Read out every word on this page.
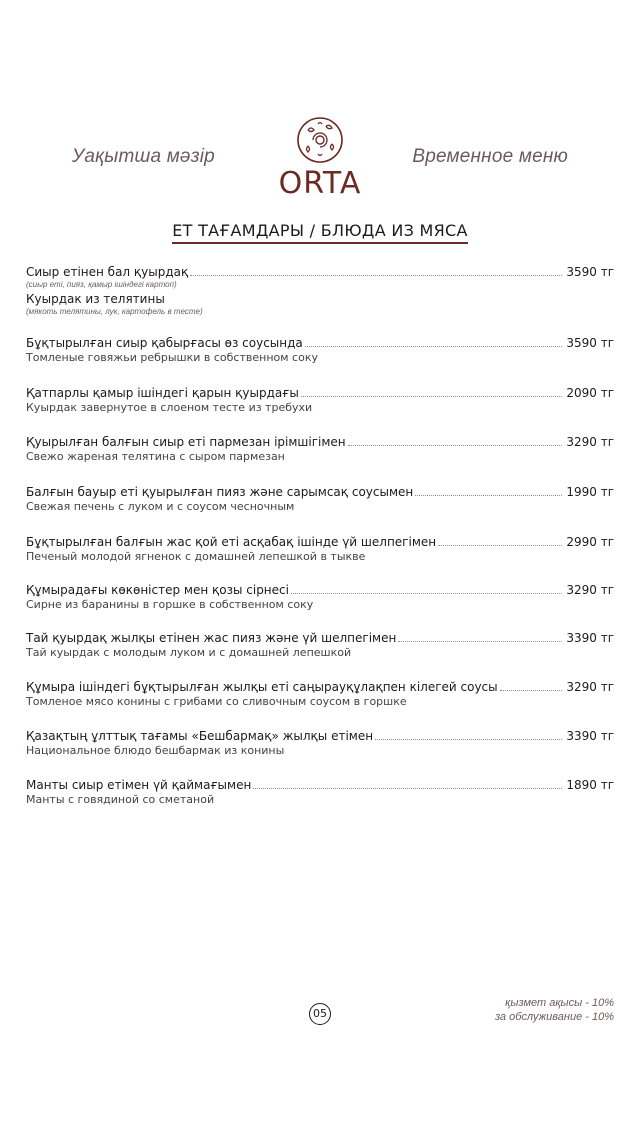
Уақытша мәзір	Временное меню
ORTA
ЕТ ТАҒАМДАРЫ / БЛЮДА ИЗ МЯСА
Сиыр етінен бал қуырдақ	3590 тг
(сиыр еті, пияз, қамыр ішіндегі картоп)
Куырдак из телятины
(мякоть телятины, лук, картофель в тесте)
Бұқтырылған сиыр қабырғасы өз соусында	3590 тг
Томленые говяжьи ребрышки в собственном соку
Қатпарлы қамыр ішіндегі қарын қуырдағы	2090 тг
Куырдак завернутое в слоеном тесте из требухи
Қуырылған балғын сиыр еті пармезан ірімшігімен	3290 тг
Свежо жареная телятина с сыром пармезан
Балғын бауыр еті қуырылған пияз және сарымсақ соусымен	1990 тг
Свежая печень с луком и с соусом чесночным
Бұқтырылған балғын жас қой еті асқабақ ішінде үй шелпегімен	2990 тг
Печеный молодой ягненок с домашней лепешкой в тыкве
Құмырадағы көкөністер мен қозы сірнесі	3290 тг
Сирне из баранины в горшке в собственном соку
Тай қуырдақ жылқы етінен жас пияз және үй шелпегімен	3390 тг
Тай куырдак с молодым луком и с домашней лепешкой
Құмыра ішіндегі бұқтырылған жылқы еті саңырауқұлақпен кілегей соусы	3290 тг
Томленое мясо конины с грибами со сливочным соусом в горшке
Қазақтың ұлттық тағамы «Бешбармақ» жылқы етімен	3390 тг
Национальное блюдо бешбармак из конины
Манты сиыр етімен үй қаймағымен	1890 тг
Манты с говядиной со сметаной
05
қызмет ақысы - 10%
за обслуживание - 10%
